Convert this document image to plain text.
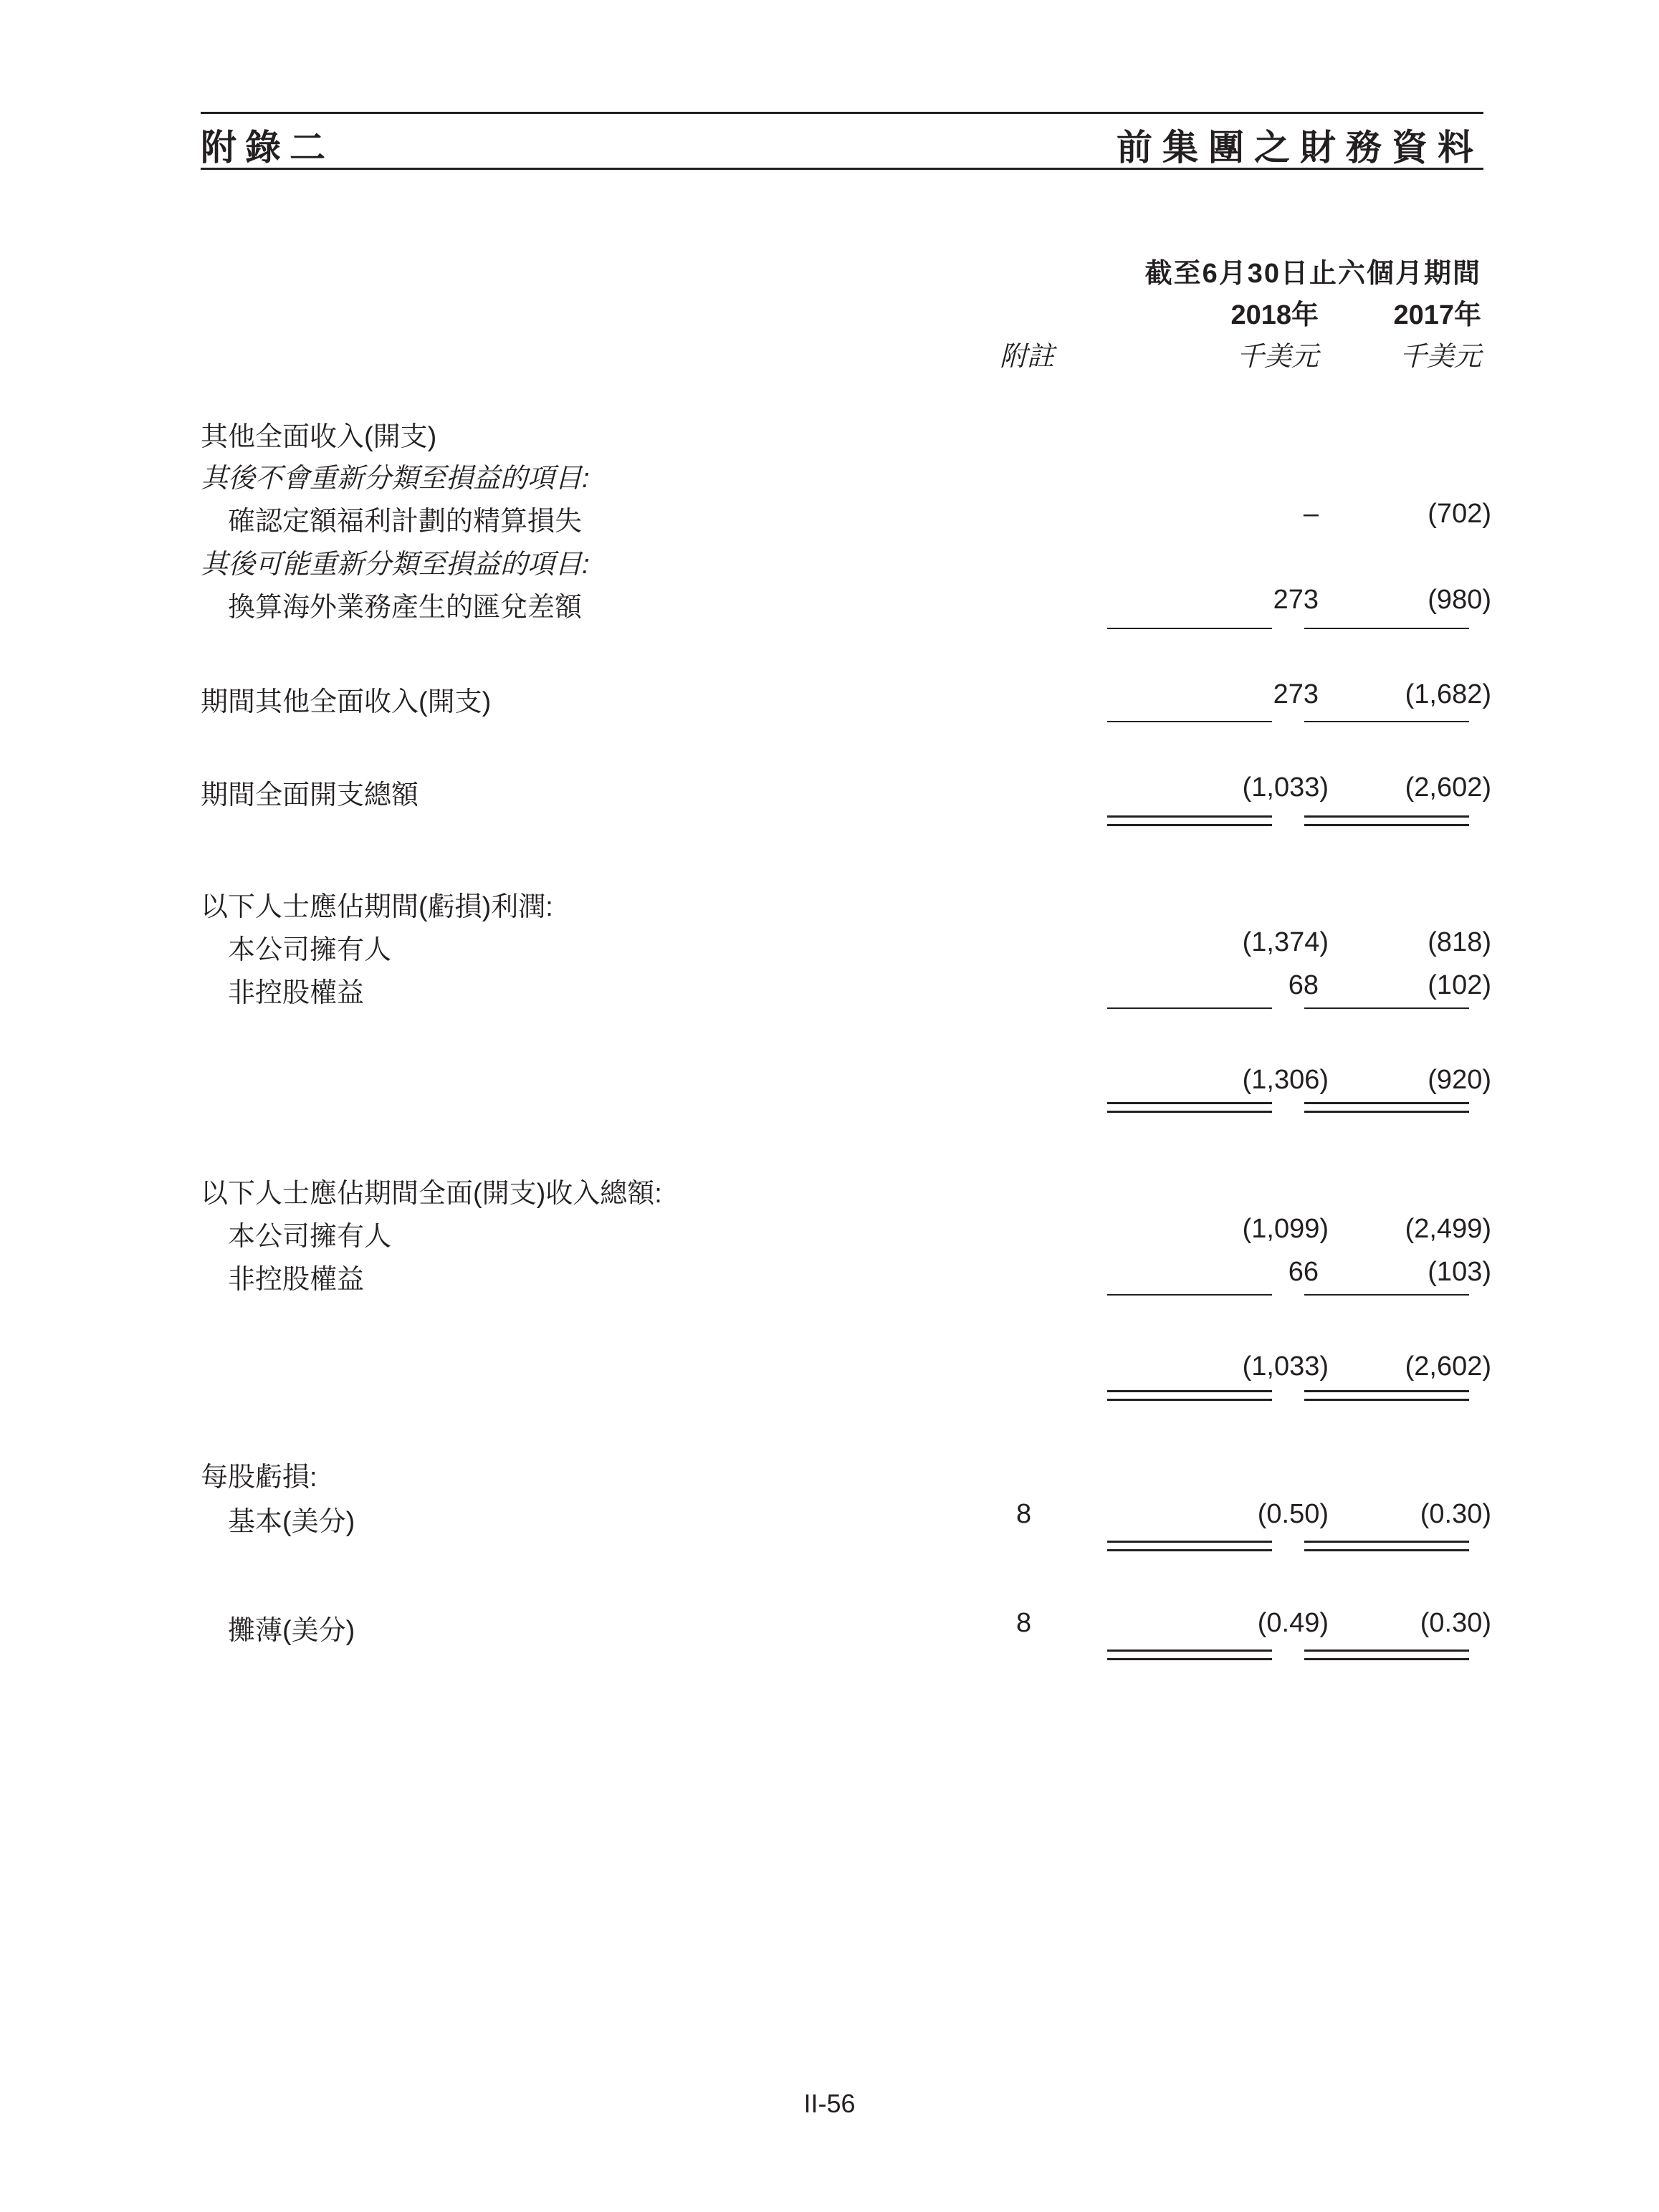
附錄二	前集團之財務資料
截至6月30日止六個月期間
2018年	2017年
附註	千美元	千美元
其他全面收入(開支)
其後不會重新分類至損益的項目:
確認定額福利計劃的精算損失	–	(702)
其後可能重新分類至損益的項目:
換算海外業務產生的匯兌差額	273	(980)
期間其他全面收入(開支)	273	(1,682)
期間全面開支總額	(1,033)	(2,602)
以下人士應佔期間(虧損)利潤:
本公司擁有人	(1,374)	(818)
非控股權益	68	(102)
(1,306)	(920)
以下人士應佔期間全面(開支)收入總額:
本公司擁有人	(1,099)	(2,499)
非控股權益	66	(103)
(1,033)	(2,602)
每股虧損:
基本(美分)	8	(0.50)	(0.30)
攤薄(美分)	8	(0.49)	(0.30)
II-56
